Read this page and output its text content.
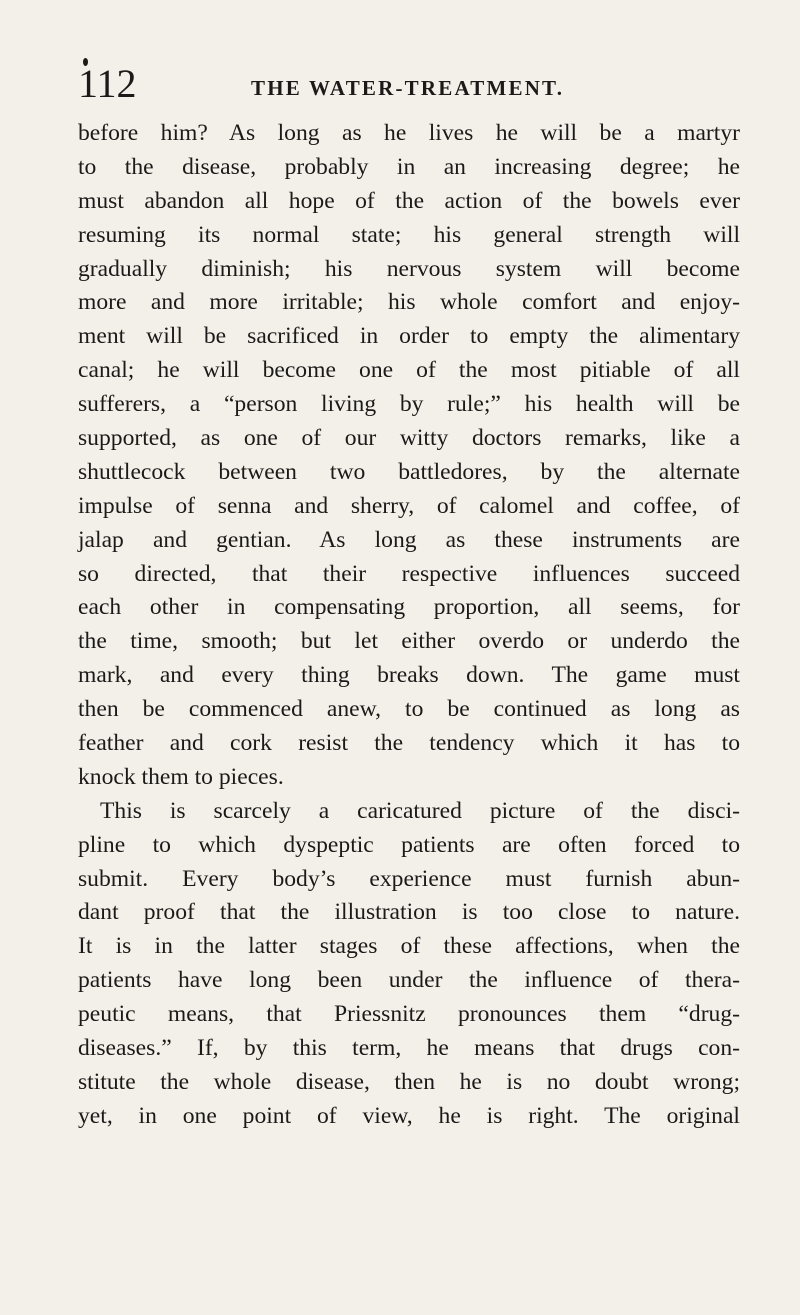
112	THE WATER-TREATMENT.
before him? As long as he lives he will be a martyr
to the disease, probably in an increasing degree; he
must abandon all hope of the action of the bowels ever
resuming its normal state; his general strength will
gradually diminish; his nervous system will become
more and more irritable; his whole comfort and enjoy-
ment will be sacrificed in order to empty the alimentary
canal; he will become one of the most pitiable of all
sufferers, a “person living by rule;” his health will be
supported, as one of our witty doctors remarks, like a
shuttlecock between two battledores, by the alternate
impulse of senna and sherry, of calomel and coffee, of
jalap and gentian. As long as these instruments are
so directed, that their respective influences succeed
each other in compensating proportion, all seems, for
the time, smooth; but let either overdo or underdo the
mark, and every thing breaks down. The game must
then be commenced anew, to be continued as long as
feather and cork resist the tendency which it has to
knock them to pieces.
This is scarcely a caricatured picture of the disci-
pline to which dyspeptic patients are often forced to
submit. Every body’s experience must furnish abun-
dant proof that the illustration is too close to nature.
It is in the latter stages of these affections, when the
patients have long been under the influence of thera-
peutic means, that Priessnitz pronounces them “drug-
diseases.” If, by this term, he means that drugs con-
stitute the whole disease, then he is no doubt wrong;
yet, in one point of view, he is right. The original
